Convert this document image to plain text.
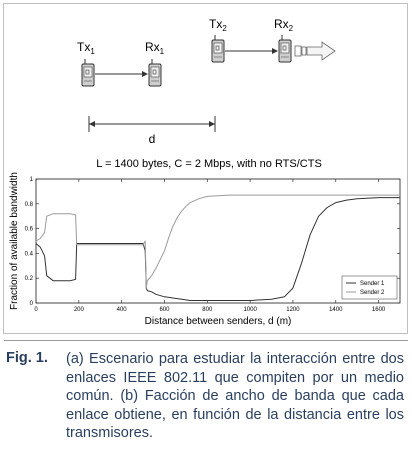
$Tx_1$	$Rx_1$
$Tx_2$	$Rx_2$
d
L = 1400 bytes, C = 2 Mbps, with no RTS/CTS
Fraction of available bandwidth
Distance between senders, d (m)
0	200	400	600	800	1000	1200	1400	1600
0
0.2
0.4
0.6
0.8
1
Sender 1
Sender 2
Fig. 1. (a) Escenario para estudiar la interacción entre dos enlaces IEEE 802.11 que compiten por un medio común. (b) Facción de ancho de banda que cada enlace obtiene, en función de la distancia entre los transmisores.
